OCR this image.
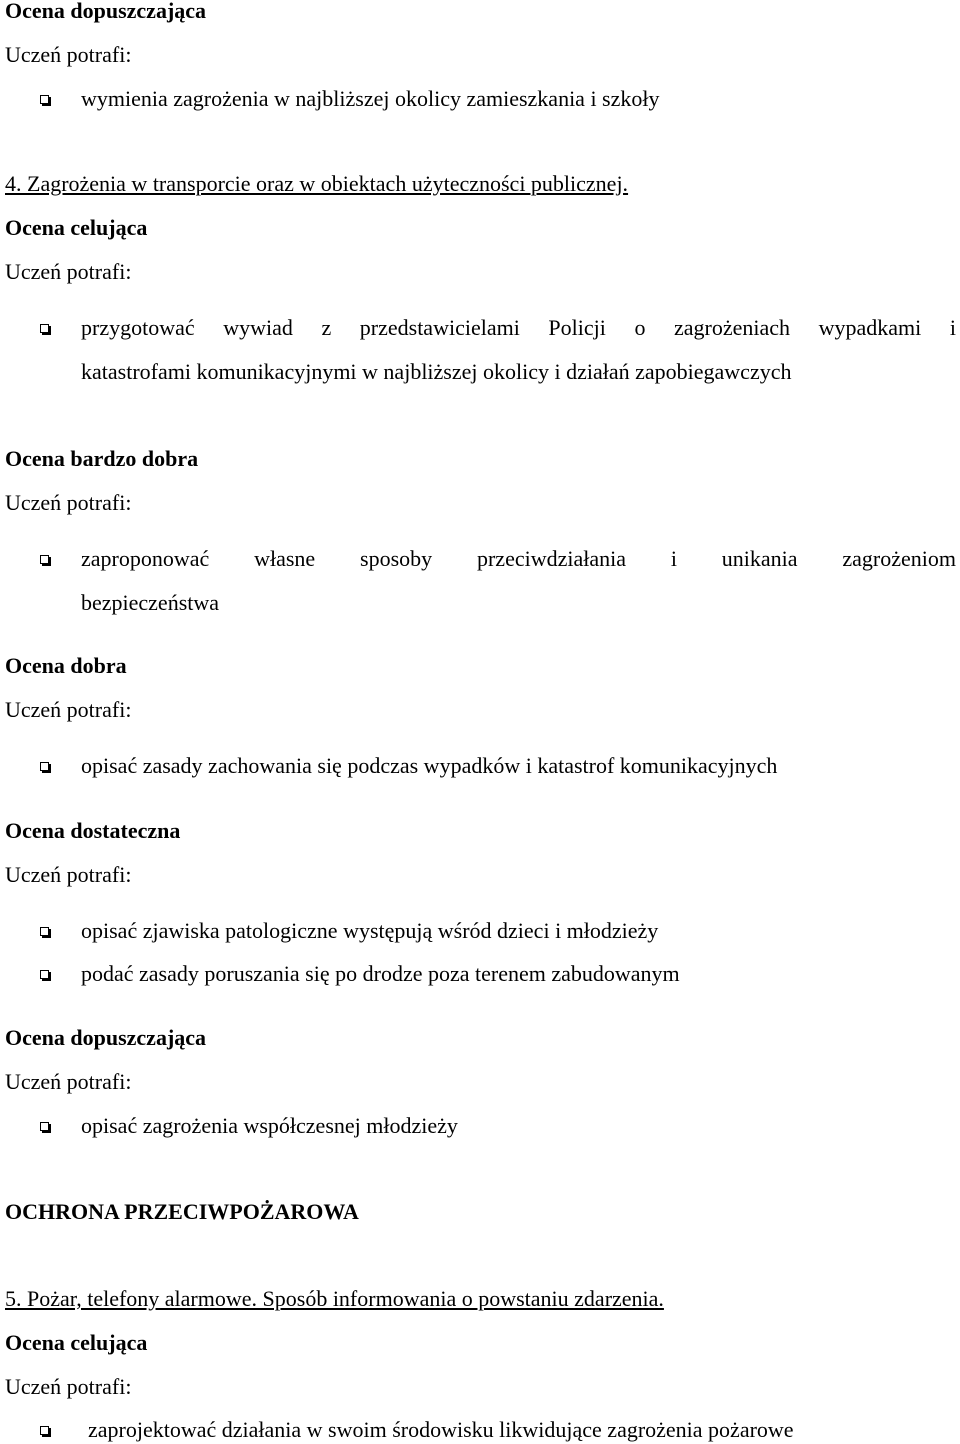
Ocena dopuszczająca
Uczeń potrafi:
wymienia zagrożenia w najbliższej okolicy zamieszkania i szkoły
4. Zagrożenia w transporcie oraz w obiektach użyteczności publicznej.
Ocena celująca
Uczeń potrafi:
przygotować wywiad z przedstawicielami Policji o zagrożeniach wypadkami i
katastrofami komunikacyjnymi w najbliższej okolicy i działań zapobiegawczych
Ocena bardzo dobra
Uczeń potrafi:
zaproponować własne sposoby przeciwdziałania i unikania zagrożeniom
bezpieczeństwa
Ocena dobra
Uczeń potrafi:
opisać zasady zachowania się podczas wypadków i katastrof komunikacyjnych
Ocena dostateczna
Uczeń potrafi:
opisać zjawiska patologiczne występują wśród dzieci i młodzieży
podać zasady poruszania się po drodze poza terenem zabudowanym
Ocena dopuszczająca
Uczeń potrafi:
opisać zagrożenia współczesnej młodzieży
OCHRONA PRZECIWPOŻAROWA
5. Pożar, telefony alarmowe. Sposób informowania o powstaniu zdarzenia.
Ocena celująca
Uczeń potrafi:
zaprojektować działania w swoim środowisku likwidujące zagrożenia pożarowe
